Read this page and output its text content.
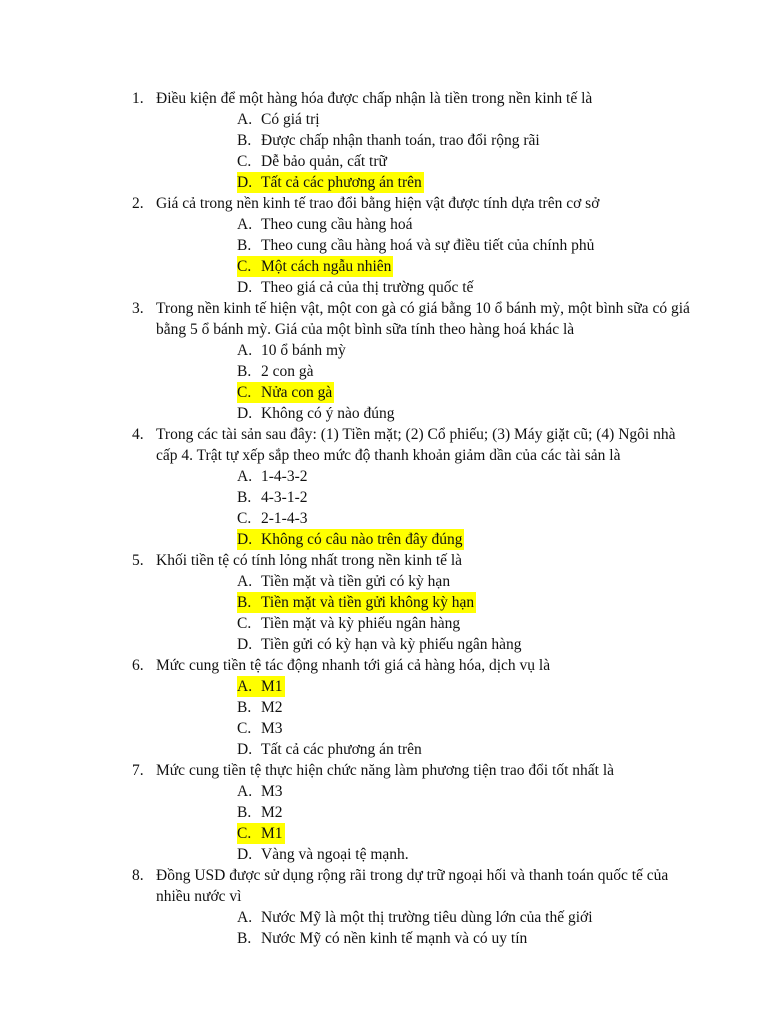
1. Điều kiện để một hàng hóa được chấp nhận là tiền trong nền kinh tế là
A. Có giá trị
B. Được chấp nhận thanh toán, trao đổi rộng rãi
C. Dễ bảo quản, cất trữ
D. Tất cả các phương án trên
2. Giá cả trong nền kinh tế trao đổi bằng hiện vật được tính dựa trên cơ sở
A. Theo cung cầu hàng hoá
B. Theo cung cầu hàng hoá và sự điều tiết của chính phủ
C. Một cách ngẫu nhiên
D. Theo giá cả của thị trường quốc tế
3. Trong nền kinh tế hiện vật, một con gà có giá bằng 10 ổ bánh mỳ, một bình sữa có giá bằng 5 ổ bánh mỳ. Giá của một bình sữa tính theo hàng hoá khác là
A. 10 ổ bánh mỳ
B. 2 con gà
C. Nửa con gà
D. Không có ý nào đúng
4. Trong các tài sản sau đây: (1) Tiền mặt; (2) Cổ phiếu; (3) Máy giặt cũ; (4) Ngôi nhà cấp 4. Trật tự xếp sắp theo mức độ thanh khoản giảm dần của các tài sản là
A. 1-4-3-2
B. 4-3-1-2
C. 2-1-4-3
D. Không có câu nào trên đây đúng
5. Khối tiền tệ có tính lỏng nhất trong nền kinh tế là
A. Tiền mặt và tiền gửi có kỳ hạn
B. Tiền mặt và tiền gửi không kỳ hạn
C. Tiền mặt và kỳ phiếu ngân hàng
D. Tiền gửi có kỳ hạn và kỳ phiếu ngân hàng
6. Mức cung tiền tệ tác động nhanh tới giá cả hàng hóa, dịch vụ là
A. M1
B. M2
C. M3
D. Tất cả các phương án trên
7. Mức cung tiền tệ thực hiện chức năng làm phương tiện trao đổi tốt nhất là
A. M3
B. M2
C. M1
D. Vàng và ngoại tệ mạnh.
8. Đồng USD được sử dụng rộng rãi trong dự trữ ngoại hối và thanh toán quốc tế của nhiều nước vì
A. Nước Mỹ là một thị trường tiêu dùng lớn của thế giới
B. Nước Mỹ có nền kinh tế mạnh và có uy tín
